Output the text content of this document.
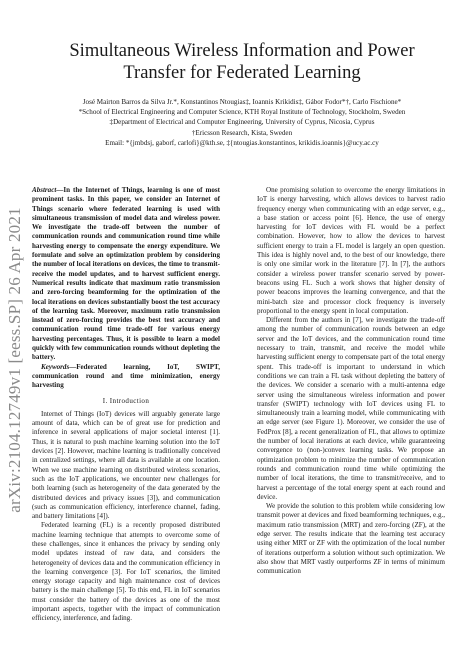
arXiv:2104.12749v1 [eess.SP] 26 Apr 2021
Simultaneous Wireless Information and Power
Transfer for Federated Learning
José Mairton Barros da Silva Jr.*, Konstantinos Ntougias‡, Ioannis Krikidis‡, Gábor Fodor*†, Carlo Fischione*
*School of Electrical Engineering and Computer Science, KTH Royal Institute of Technology, Stockholm, Sweden
‡Department of Electrical and Computer Engineering, University of Cyprus, Nicosia, Cyprus
†Ericsson Research, Kista, Sweden
Email: *{jmbdsj, gaborf, carlofi}@kth.se, ‡{ntougias.konstantinos, krikidis.ioannis}@ucy.ac.cy

Abstract—In the Internet of Things, learning is one of most prominent tasks. In this paper, we consider an Internet of Things scenario where federated learning is used with simultaneous transmission of model data and wireless power. We investigate the trade-off between the number of communication rounds and communication round time while harvesting energy to compensate the energy expenditure. We formulate and solve an optimization problem by considering the number of local iterations on devices, the time to transmit-receive the model updates, and to harvest sufficient energy. Numerical results indicate that maximum ratio transmission and zero-forcing beamforming for the optimization of the local iterations on devices substantially boost the test accuracy of the learning task. Moreover, maximum ratio transmission instead of zero-forcing provides the best test accuracy and communication round time trade-off for various energy harvesting percentages. Thus, it is possible to learn a model quickly with few communication rounds without depleting the battery.

Keywords—Federated learning, IoT, SWIPT, communication round and time minimization, energy harvesting

I. Introduction

Internet of Things (IoT) devices will arguably generate large amount of data, which can be of great use for prediction and inference in several applications of major societal interest [1]. Thus, it is natural to push machine learning solution into the IoT devices [2]. However, machine learning is traditionally conceived in centralized settings, where all data is available at one location. When we use machine learning on distributed wireless scenarios, such as the IoT applications, we encounter new challenges for both learning (such as heterogeneity of the data generated by the distributed devices and privacy issues [3]), and communication (such as communication efficiency, interference channel, fading, and battery limitations [4]).

Federated learning (FL) is a recently proposed distributed machine learning technique that attempts to overcome some of these challenges, since it enhances the privacy by sending only model updates instead of raw data, and considers the heterogeneity of devices data and the communication efficiency in the learning convergence [3]. For IoT scenarios, the limited energy storage capacity and high maintenance cost of devices battery is the main challenge [5]. To this end, FL in IoT scenarios must consider the battery of the devices as one of the most important aspects, together with the impact of communication efficiency, interference, and fading.

One promising solution to overcome the energy limitations in IoT is energy harvesting, which allows devices to harvest radio frequency energy when communicating with an edge server, e.g., a base station or access point [6]. Hence, the use of energy harvesting for IoT devices with FL would be a perfect combination. However, how to allow the devices to harvest sufficient energy to train a FL model is largely an open question. This idea is highly novel and, to the best of our knowledge, there is only one similar work in the literature [7]. In [7], the authors consider a wireless power transfer scenario served by power-beacons using FL. Such a work shows that higher density of power beacons improves the learning convergence, and that the mini-batch size and processor clock frequency is inversely proportional to the energy spent in local computation.

Different from the authors in [7], we investigate the trade-off among the number of communication rounds between an edge server and the IoT devices, and the communication round time necessary to train, transmit, and receive the model while harvesting sufficient energy to compensate part of the total energy spent. This trade-off is important to understand in which conditions we can train a FL task without depleting the battery of the devices. We consider a scenario with a multi-antenna edge server using the simultaneous wireless information and power transfer (SWIPT) technology with IoT devices using FL to simultaneously train a learning model, while communicating with an edge server (see Figure 1). Moreover, we consider the use of FedProx [8], a recent generalization of FL, that allows to optimize the number of local iterations at each device, while guaranteeing convergence to (non-)convex learning tasks. We propose an optimization problem to minimize the number of communication rounds and communication round time while optimizing the number of local iterations, the time to transmit/receive, and to harvest a percentage of the total energy spent at each round and device.

We provide the solution to this problem while considering low transmit power at devices and fixed beamforming techniques, e.g., maximum ratio transmission (MRT) and zero-forcing (ZF), at the edge server. The results indicate that the learning test accuracy using either MRT or ZF with the optimization of the local number of iterations outperform a solution without such optimization. We also show that MRT vastly outperforms ZF in terms of minimum communication
